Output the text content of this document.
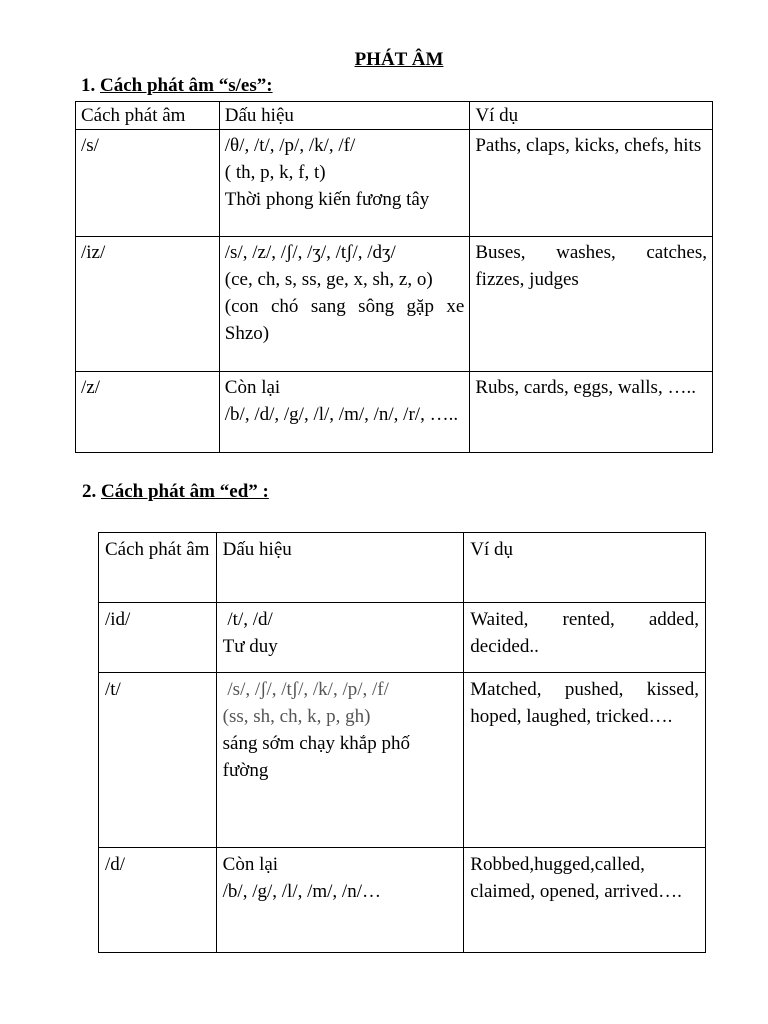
PHÁT ÂM
1. Cách phát âm “s/es”:
Cách phát âm	Dấu hiệu	Ví dụ
/s/	/θ/, /t/, /p/, /k/, /f/
( th, p, k, f, t)
Thời phong kiến fương tây	Paths, claps, kicks, chefs, hits
/iz/	/s/, /z/, /ʃ/, /ʒ/, /tʃ/, /dʒ/
(ce, ch, s, ss, ge, x, sh, z, o)
(con chó sang sông gặp xe Shzo)	Buses, washes, catches, fizzes, judges
/z/	Còn lại
/b/, /d/, /g/, /l/, /m/, /n/, /r/, …..	Rubs, cards, eggs, walls, …..
2. Cách phát âm “ed” :
Cách phát âm	Dấu hiệu	Ví dụ
/id/	/t/, /d/
Tư duy	Waited, rented, added, decided..
/t/	/s/, /ʃ/, /tʃ/, /k/, /p/, /f/
(ss, sh, ch, k, p, gh)
sáng sớm chạy khắp phố fường	Matched, pushed, kissed, hoped, laughed, tricked….
/d/	Còn lại
/b/, /g/, /l/, /m/, /n/…	Robbed,hugged,called, claimed, opened, arrived….
